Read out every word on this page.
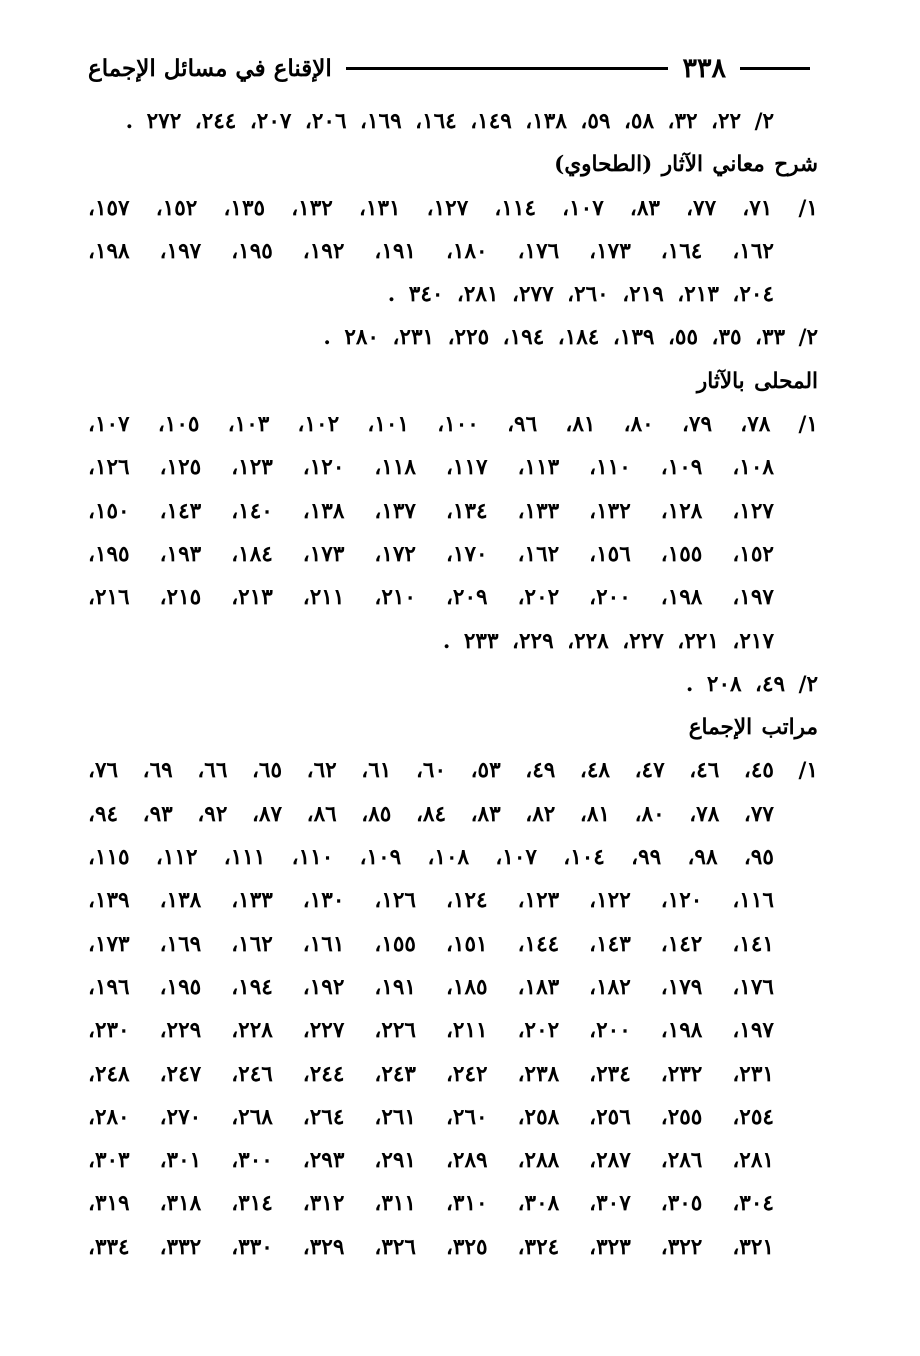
٣٣٨
الإقناع في مسائل الإجماع
٢/ ٢٢، ٣٢، ٥٨، ٥٩، ١٣٨، ١٤٩، ١٦٤، ١٦٩، ٢٠٦، ٢٠٧، ٢٤٤، ٢٧٢ .
شرح معاني الآثار (الطحاوي)
١/ ٧١، ٧٧، ٨٣، ١٠٧، ١١٤، ١٢٧، ١٣١، ١٣٢، ١٣٥، ١٥٢، ١٥٧،
١٦٢، ١٦٤، ١٧٣، ١٧٦، ١٨٠، ١٩١، ١٩٢، ١٩٥، ١٩٧، ١٩٨،
٢٠٤، ٢١٣، ٢١٩، ٢٦٠، ٢٧٧، ٢٨١، ٣٤٠ .
٢/ ٣٣، ٣٥، ٥٥، ١٣٩، ١٨٤، ١٩٤، ٢٢٥، ٢٣١، ٢٨٠ .
المحلى بالآثار
١/ ٧٨، ٧٩، ٨٠، ٨١، ٩٦، ١٠٠، ١٠١، ١٠٢، ١٠٣، ١٠٥، ١٠٧،
١٠٨، ١٠٩، ١١٠، ١١٣، ١١٧، ١١٨، ١٢٠، ١٢٣، ١٢٥، ١٢٦،
١٢٧، ١٢٨، ١٣٢، ١٣٣، ١٣٤، ١٣٧، ١٣٨، ١٤٠، ١٤٣، ١٥٠،
١٥٢، ١٥٥، ١٥٦، ١٦٢، ١٧٠، ١٧٢، ١٧٣، ١٨٤، ١٩٣، ١٩٥،
١٩٧، ١٩٨، ٢٠٠، ٢٠٢، ٢٠٩، ٢١٠، ٢١١، ٢١٣، ٢١٥، ٢١٦،
٢١٧، ٢٢١، ٢٢٧، ٢٢٨، ٢٢٩، ٢٣٣ .
٢/ ٤٩، ٢٠٨ .
مراتب الإجماع
١/ ٤٥، ٤٦، ٤٧، ٤٨، ٤٩، ٥٣، ٦٠، ٦١، ٦٢، ٦٥، ٦٦، ٦٩، ٧٦،
٧٧، ٧٨، ٨٠، ٨١، ٨٢، ٨٣، ٨٤، ٨٥، ٨٦، ٨٧، ٩٢، ٩٣، ٩٤،
٩٥، ٩٨، ٩٩، ١٠٤، ١٠٧، ١٠٨، ١٠٩، ١١٠، ١١١، ١١٢، ١١٥،
١١٦، ١٢٠، ١٢٢، ١٢٣، ١٢٤، ١٢٦، ١٣٠، ١٣٣، ١٣٨، ١٣٩،
١٤١، ١٤٢، ١٤٣، ١٤٤، ١٥١، ١٥٥، ١٦١، ١٦٢، ١٦٩، ١٧٣،
١٧٦، ١٧٩، ١٨٢، ١٨٣، ١٨٥، ١٩١، ١٩٢، ١٩٤، ١٩٥، ١٩٦،
١٩٧، ١٩٨، ٢٠٠، ٢٠٢، ٢١١، ٢٢٦، ٢٢٧، ٢٢٨، ٢٢٩، ٢٣٠،
٢٣١، ٢٣٢، ٢٣٤، ٢٣٨، ٢٤٢، ٢٤٣، ٢٤٤، ٢٤٦، ٢٤٧، ٢٤٨،
٢٥٤، ٢٥٥، ٢٥٦، ٢٥٨، ٢٦٠، ٢٦١، ٢٦٤، ٢٦٨، ٢٧٠، ٢٨٠،
٢٨١، ٢٨٦، ٢٨٧، ٢٨٨، ٢٨٩، ٢٩١، ٢٩٣، ٣٠٠، ٣٠١، ٣٠٣،
٣٠٤، ٣٠٥، ٣٠٧، ٣٠٨، ٣١٠، ٣١١، ٣١٢، ٣١٤، ٣١٨، ٣١٩،
٣٢١، ٣٢٢، ٣٢٣، ٣٢٤، ٣٢٥، ٣٢٦، ٣٢٩، ٣٣٠، ٣٣٢، ٣٣٤،
